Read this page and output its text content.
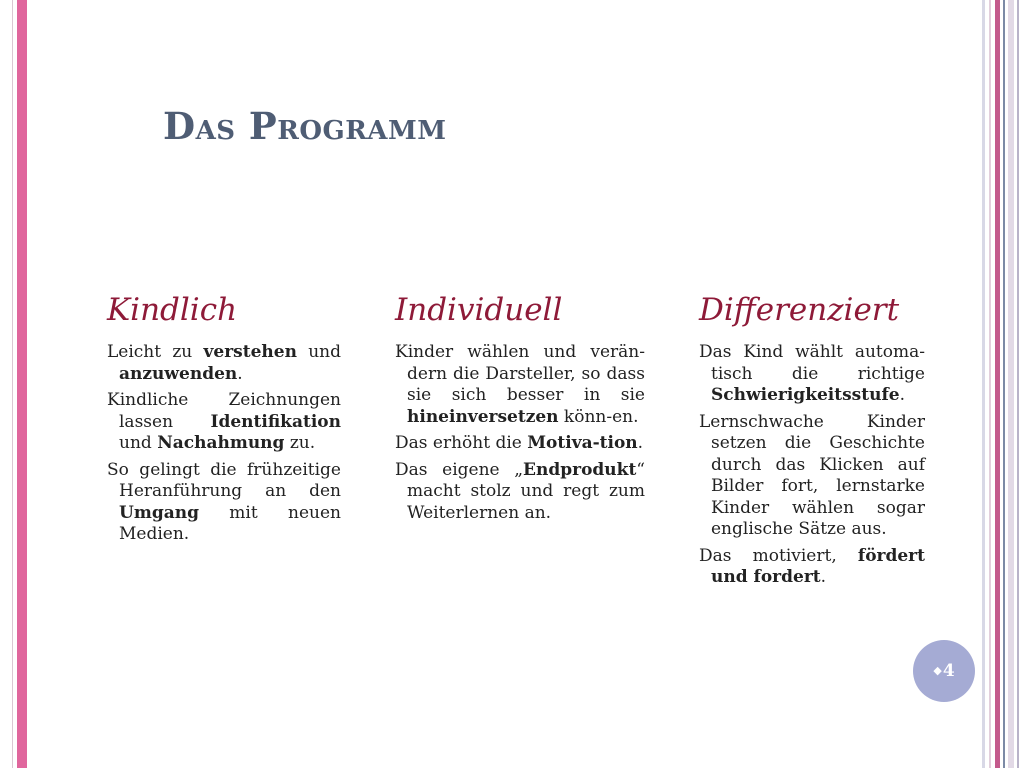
Das Programm
Kindlich

Leicht zu verstehen und anzuwenden.

Kindliche Zeichnungen lassen Identifikation und Nachahmung zu.

So gelingt die frühzeitige Heranführung an den Umgang mit neuen Medien.

Individuell

Kinder wählen und verän-dern die Darsteller, so dass sie sich besser in sie hineinversetzen könn-en.

Das erhöht die Motiva-tion.

Das eigene „Endprodukt“ macht stolz und regt zum Weiterlernen an.

Differenziert

Das Kind wählt automa-tisch die richtige Schwierigkeitsstufe.

Lernschwache Kinder setzen die Geschichte durch das Klicken auf Bilder fort, lernstarke Kinder wählen sogar englische Sätze aus.

Das motiviert, fördert und fordert.

◆4
